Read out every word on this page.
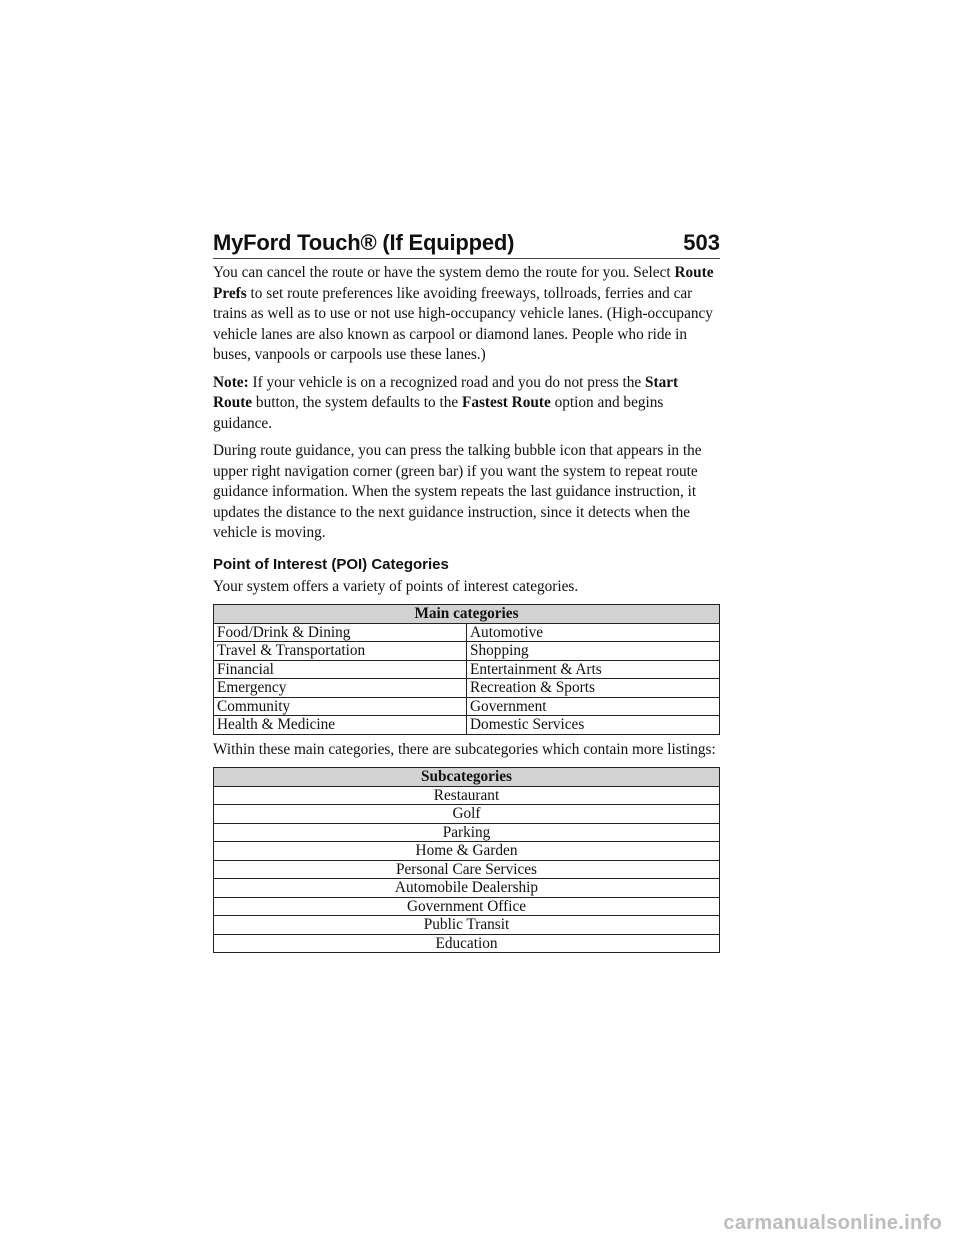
MyFord Touch® (If Equipped)	503

You can cancel the route or have the system demo the route for you. Select Route Prefs to set route preferences like avoiding freeways, tollroads, ferries and car trains as well as to use or not use high-occupancy vehicle lanes. (High-occupancy vehicle lanes are also known as carpool or diamond lanes. People who ride in buses, vanpools or carpools use these lanes.)

Note: If your vehicle is on a recognized road and you do not press the Start Route button, the system defaults to the Fastest Route option and begins guidance.

During route guidance, you can press the talking bubble icon that appears in the upper right navigation corner (green bar) if you want the system to repeat route guidance information. When the system repeats the last guidance instruction, it updates the distance to the next guidance instruction, since it detects when the vehicle is moving.

Point of Interest (POI) Categories

Your system offers a variety of points of interest categories.

Main categories	
Food/Drink & Dining	Automotive
Travel & Transportation	Shopping
Financial	Entertainment & Arts
Emergency	Recreation & Sports
Community	Government
Health & Medicine	Domestic Services

Within these main categories, there are subcategories which contain more listings:

Subcategories
Restaurant
Golf
Parking
Home & Garden
Personal Care Services
Automobile Dealership
Government Office
Public Transit
Education
carmanualsonline.info
